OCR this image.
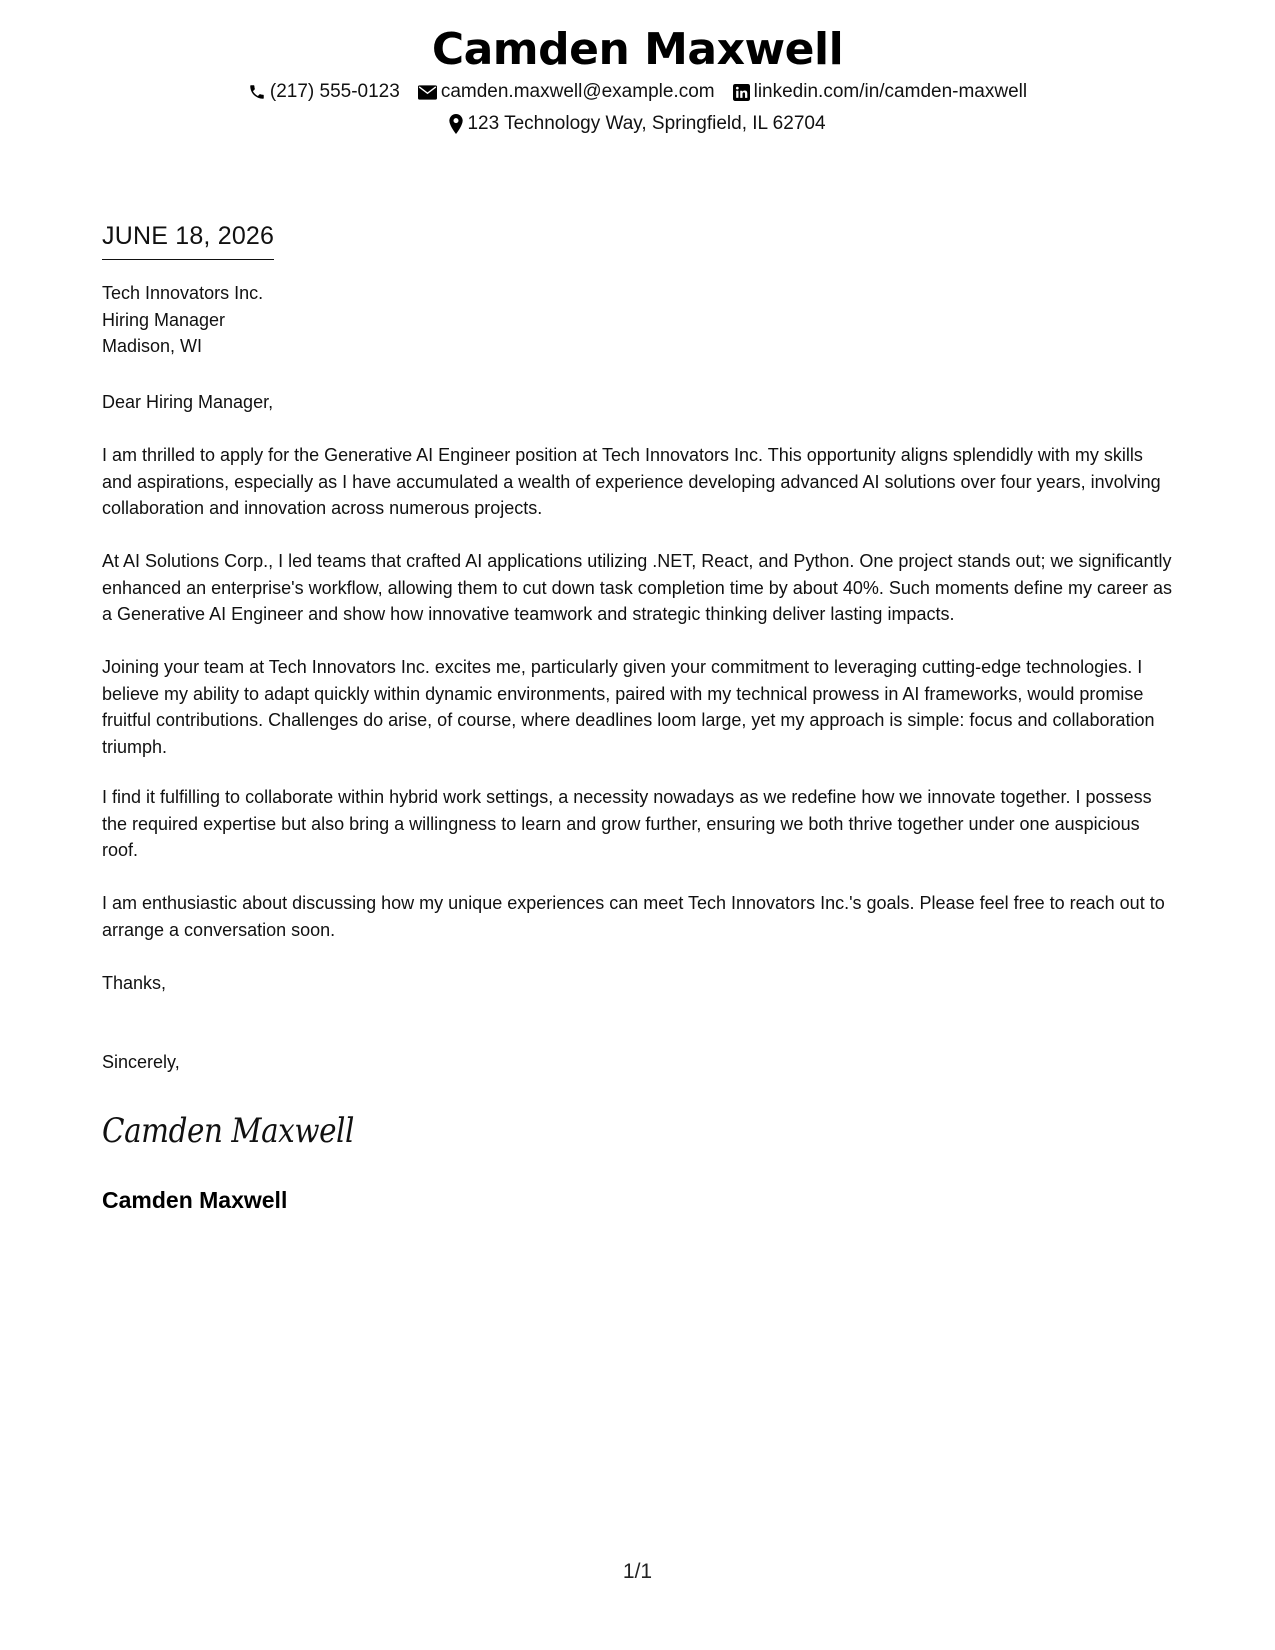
Camden Maxwell
(217) 555-0123 camden.maxwell@example.com linkedin.com/in/camden-maxwell
123 Technology Way, Springfield, IL 62704
JUNE 18, 2026
Tech Innovators Inc.
Hiring Manager
Madison, WI
Dear Hiring Manager,

I am thrilled to apply for the Generative AI Engineer position at Tech Innovators Inc. This opportunity aligns splendidly with my skills and aspirations, especially as I have accumulated a wealth of experience developing advanced AI solutions over four years, involving collaboration and innovation across numerous projects.

At AI Solutions Corp., I led teams that crafted AI applications utilizing .NET, React, and Python. One project stands out; we significantly enhanced an enterprise's workflow, allowing them to cut down task completion time by about 40%. Such moments define my career as a Generative AI Engineer and show how innovative teamwork and strategic thinking deliver lasting impacts.

Joining your team at Tech Innovators Inc. excites me, particularly given your commitment to leveraging cutting-edge technologies. I believe my ability to adapt quickly within dynamic environments, paired with my technical prowess in AI frameworks, would promise fruitful contributions. Challenges do arise, of course, where deadlines loom large, yet my approach is simple: focus and collaboration triumph.

I find it fulfilling to collaborate within hybrid work settings, a necessity nowadays as we redefine how we innovate together. I possess the required expertise but also bring a willingness to learn and grow further, ensuring we both thrive together under one auspicious roof.

I am enthusiastic about discussing how my unique experiences can meet Tech Innovators Inc.'s goals. Please feel free to reach out to arrange a conversation soon.

Thanks,
Sincerely,
Camden Maxwell
Camden Maxwell
1/1
